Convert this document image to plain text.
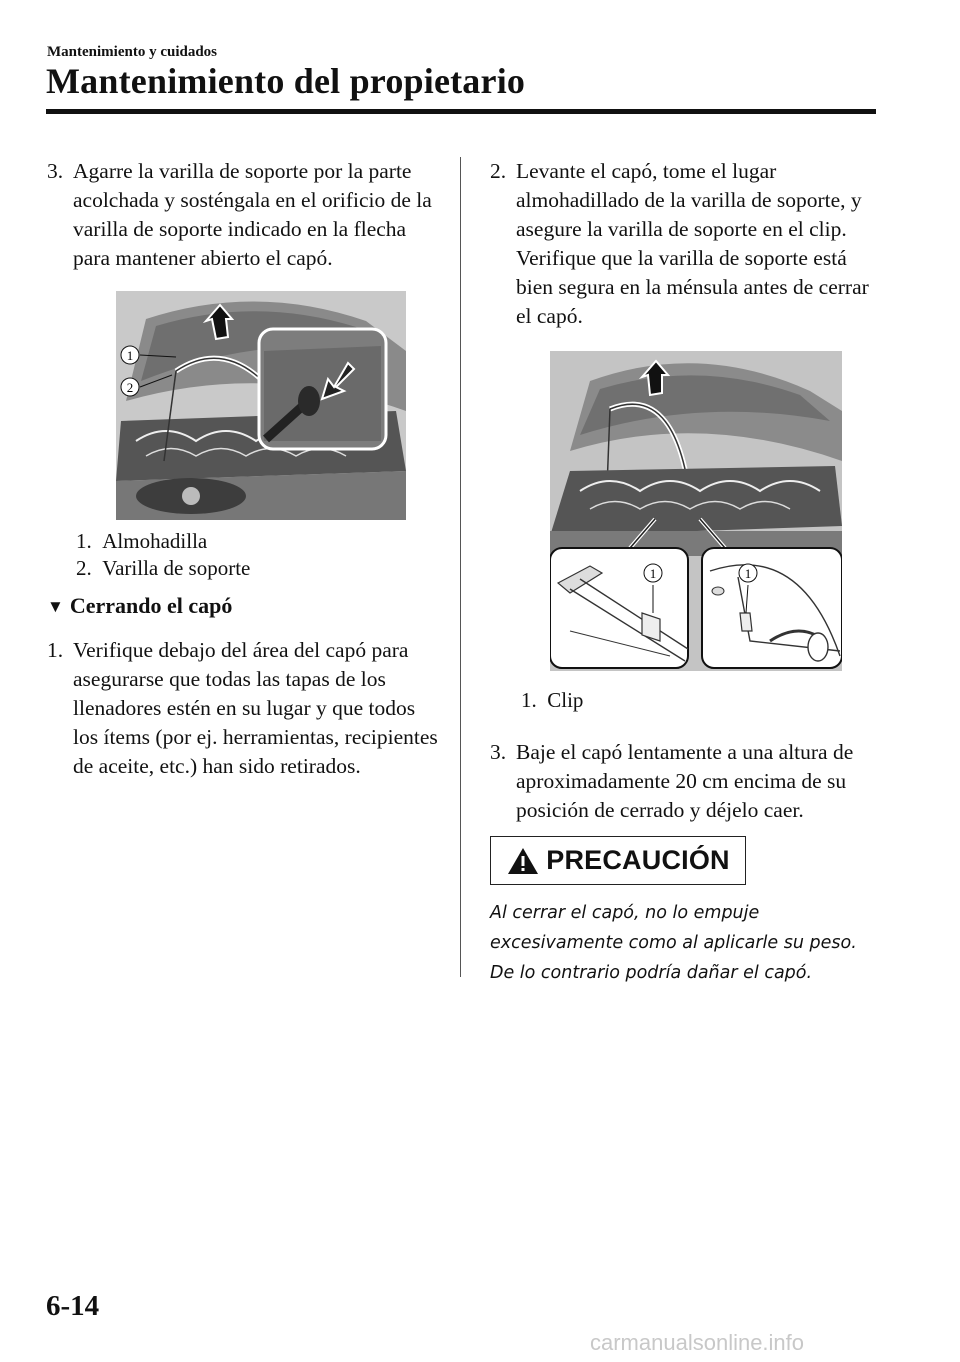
Mantenimiento y cuidados
Mantenimiento del propietario
3. Agarre la varilla de soporte por la parte acolchada y sosténgala en el orificio de la varilla de soporte indicado en la flecha para mantener abierto el capó.
1
2
1. Almohadilla
2. Varilla de soporte
▼ Cerrando el capó
1. Verifique debajo del área del capó para asegurarse que todas las tapas de los llenadores estén en su lugar y que todos los ítems (por ej. herramientas, recipientes de aceite, etc.) han sido retirados.
2. Levante el capó, tome el lugar almohadillado de la varilla de soporte, y asegure la varilla de soporte en el clip. Verifique que la varilla de soporte está bien segura en la ménsula antes de cerrar el capó.
1	1
1. Clip
3. Baje el capó lentamente a una altura de aproximadamente 20 cm encima de su posición de cerrado y déjelo caer.
PRECAUCIÓN
Al cerrar el capó, no lo empuje excesivamente como al aplicarle su peso. De lo contrario podría dañar el capó.
6-14
carmanualsonline.info
